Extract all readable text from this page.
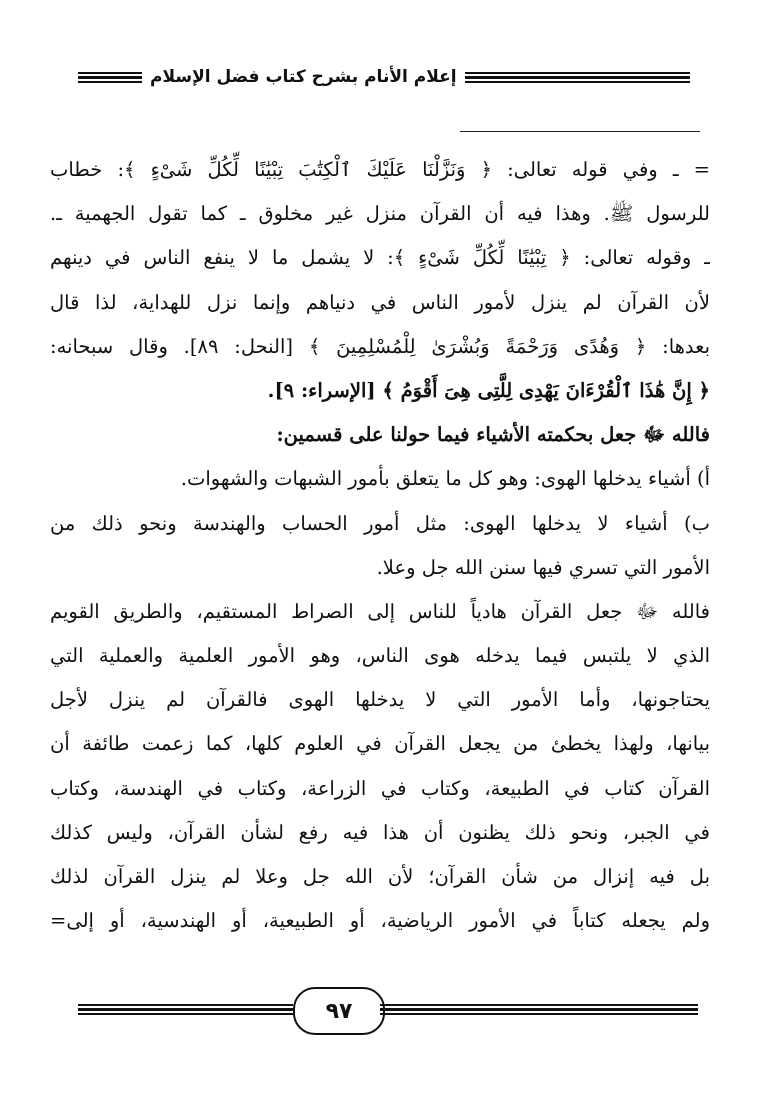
إعلام الأنام بشرح كتاب فضل الإسلام
= ـ وفي قوله تعالى: ﴿ وَنَزَّلْنَا عَلَيْكَ ٱلْكِتَٰبَ تِبْيَٰنًا لِّكُلِّ شَىْءٍ ﴾: خطاب
للرسول ﷺ. وهذا فيه أن القرآن منزل غير مخلوق ـ كما تقول الجهمية ـ.
ـ وقوله تعالى: ﴿ تِبْيَٰنًا لِّكُلِّ شَىْءٍ ﴾: لا يشمل ما لا ينفع الناس في دينهم
لأن القرآن لم ينزل لأمور الناس في دنياهم وإنما نزل للهداية، لذا قال
بعدها: ﴿ وَهُدًى وَرَحْمَةً وَبُشْرَىٰ لِلْمُسْلِمِينَ ﴾ [النحل: ٨٩]. وقال سبحانه:
﴿ إِنَّ هَٰذَا ٱلْقُرْءَانَ يَهْدِى لِلَّتِى هِىَ أَقْوَمُ ﴾ [الإسراء: ٩].
فالله ﷻ جعل بحكمته الأشياء فيما حولنا على قسمين:
أ) أشياء يدخلها الهوى: وهو كل ما يتعلق بأمور الشبهات والشهوات.
ب) أشياء لا يدخلها الهوى: مثل أمور الحساب والهندسة ونحو ذلك من
الأمور التي تسري فيها سنن الله جل وعلا.
فالله ﷻ جعل القرآن هادياً للناس إلى الصراط المستقيم، والطريق القويم
الذي لا يلتبس فيما يدخله هوى الناس، وهو الأمور العلمية والعملية التي
يحتاجونها، وأما الأمور التي لا يدخلها الهوى فالقرآن لم ينزل لأجل
بيانها، ولهذا يخطئ من يجعل القرآن في العلوم كلها، كما زعمت طائفة أن
القرآن كتاب في الطبيعة، وكتاب في الزراعة، وكتاب في الهندسة، وكتاب
في الجبر، ونحو ذلك يظنون أن هذا فيه رفع لشأن القرآن، وليس كذلك
بل فيه إنزال من شأن القرآن؛ لأن الله جل وعلا لم ينزل القرآن لذلك
ولم يجعله كتاباً في الأمور الرياضية، أو الطبيعية، أو الهندسية، أو إلى=
٩٧
